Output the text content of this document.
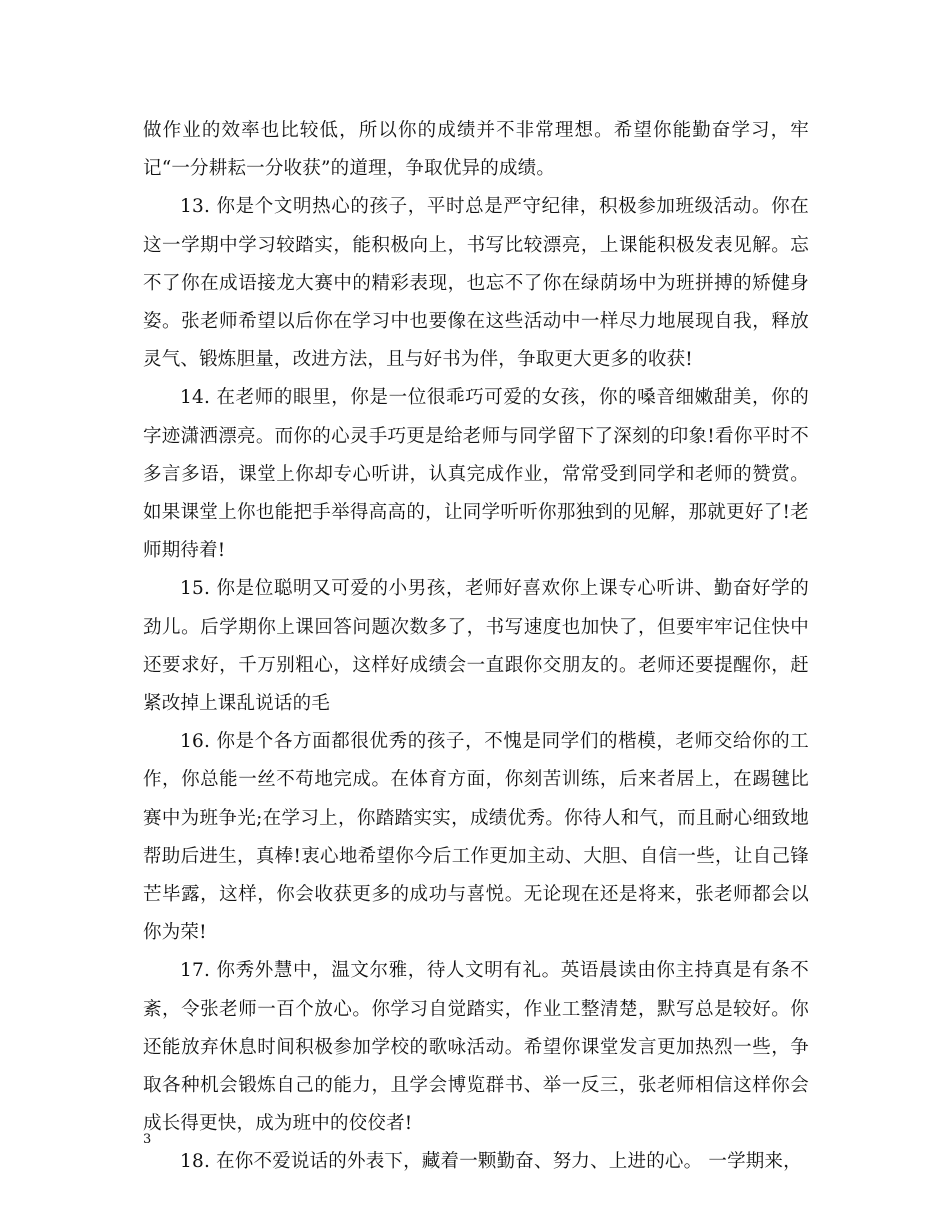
做作业的效率也比较低，所以你的成绩并不非常理想。希望你能勤奋学习，牢记“一分耕耘一分收获”的道理，争取优异的成绩。

13. 你是个文明热心的孩子，平时总是严守纪律，积极参加班级活动。你在这一学期中学习较踏实，能积极向上，书写比较漂亮，上课能积极发表见解。忘不了你在成语接龙大赛中的精彩表现，也忘不了你在绿荫场中为班拼搏的矫健身姿。张老师希望以后你在学习中也要像在这些活动中一样尽力地展现自我，释放灵气、锻炼胆量，改进方法，且与好书为伴，争取更大更多的收获!

14. 在老师的眼里，你是一位很乖巧可爱的女孩，你的嗓音细嫩甜美，你的字迹潇洒漂亮。而你的心灵手巧更是给老师与同学留下了深刻的印象!看你平时不多言多语，课堂上你却专心听讲，认真完成作业，常常受到同学和老师的赞赏。如果课堂上你也能把手举得高高的，让同学听听你那独到的见解，那就更好了!老师期待着!

15. 你是位聪明又可爱的小男孩，老师好喜欢你上课专心听讲、勤奋好学的劲儿。后学期你上课回答问题次数多了，书写速度也加快了，但要牢牢记住快中还要求好，千万别粗心，这样好成绩会一直跟你交朋友的。老师还要提醒你，赶紧改掉上课乱说话的毛

16. 你是个各方面都很优秀的孩子，不愧是同学们的楷模，老师交给你的工作，你总能一丝不苟地完成。在体育方面，你刻苦训练，后来者居上，在踢毽比赛中为班争光;在学习上，你踏踏实实，成绩优秀。你待人和气，而且耐心细致地帮助后进生，真棒!衷心地希望你今后工作更加主动、大胆、自信一些，让自己锋芒毕露，这样，你会收获更多的成功与喜悦。无论现在还是将来，张老师都会以你为荣!

17. 你秀外慧中，温文尔雅，待人文明有礼。英语晨读由你主持真是有条不紊，令张老师一百个放心。你学习自觉踏实，作业工整清楚，默写总是较好。你还能放弃休息时间积极参加学校的歌咏活动。希望你课堂发言更加热烈一些，争取各种机会锻炼自己的能力，且学会博览群书、举一反三，张老师相信这样你会成长得更快，成为班中的佼佼者!

18. 在你不爱说话的外表下，藏着一颗勤奋、努力、上进的心。 一学期来，

3
